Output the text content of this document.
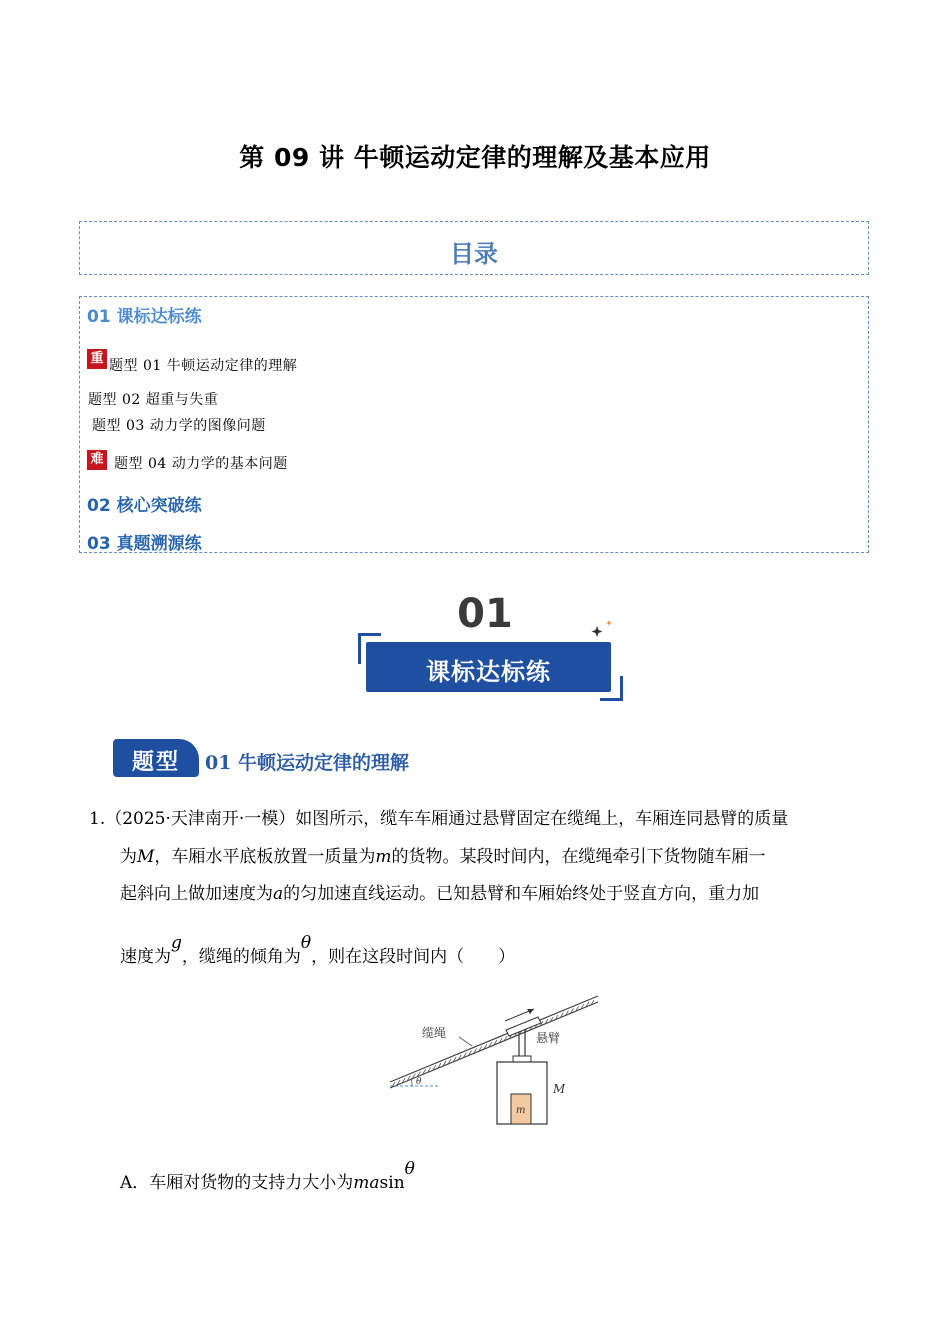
第 09 讲 牛顿运动定律的理解及基本应用
目录
01 课标达标练
重 题型 01 牛顿运动定律的理解
题型 02 超重与失重
题型 03 动力学的图像问题
难 题型 04 动力学的基本问题
02 核心突破练
03 真题溯源练
01
课标达标练
题型	01 牛顿运动定律的理解
1.（2025·天津南开·一模）如图所示，缆车车厢通过悬臂固定在缆绳上，车厢连同悬臂的质量
为M，车厢水平底板放置一质量为m的货物。某段时间内，在缆绳牵引下货物随车厢一
起斜向上做加速度为a的匀加速直线运动。已知悬臂和车厢始终处于竖直方向，重力加
速度为g，缆绳的倾角为θ，则在这段时间内（　　）
θ
m
M
悬臂
缆绳
A．车厢对货物的支持力大小为masinθ
